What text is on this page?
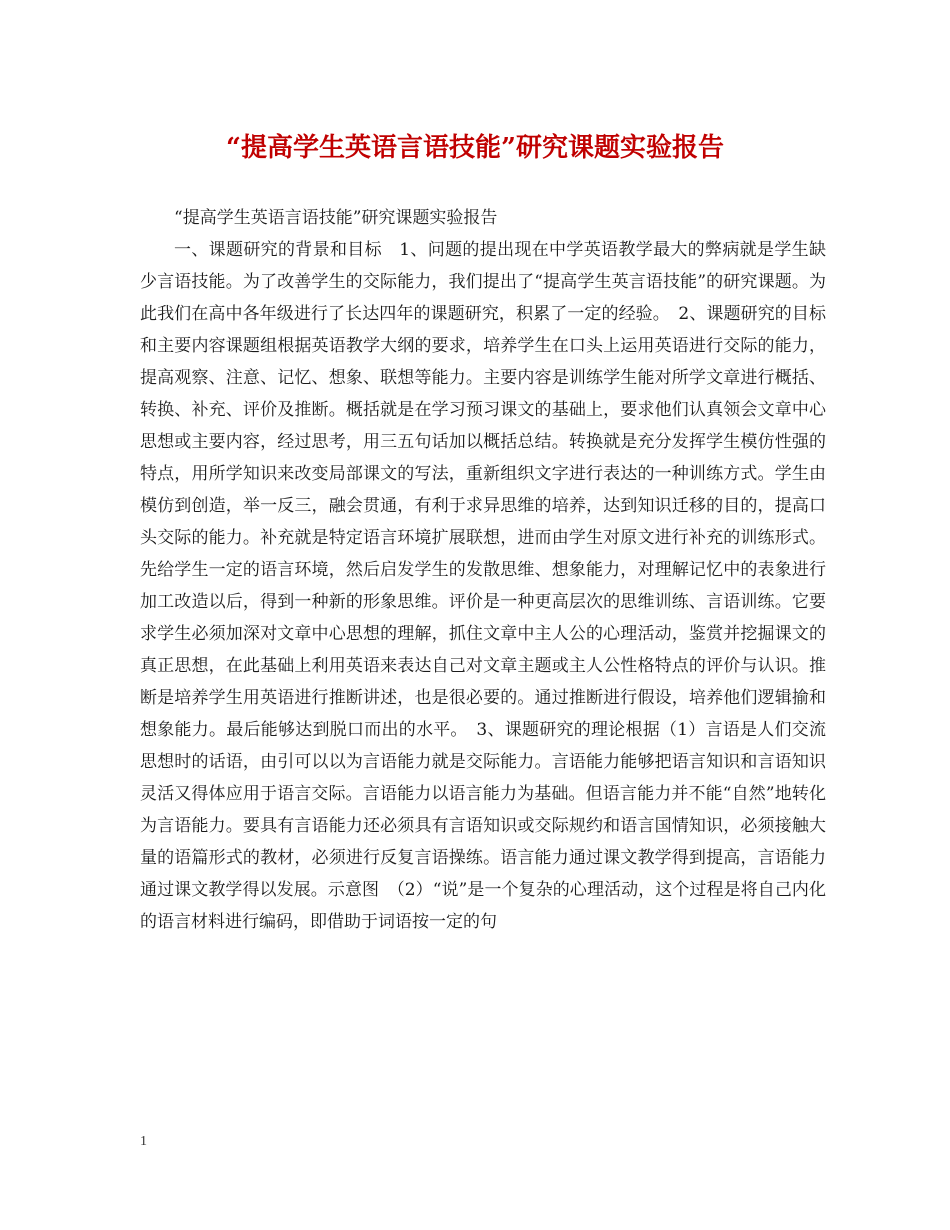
“提高学生英语言语技能”研究课题实验报告

“提高学生英语言语技能”研究课题实验报告

一、课题研究的背景和目标　1、问题的提出现在中学英语教学最大的弊病就是学生缺少言语技能。为了改善学生的交际能力，我们提出了“提高学生英言语技能”的研究课题。为此我们在高中各年级进行了长达四年的课题研究，积累了一定的经验。　2、课题研究的目标和主要内容课题组根据英语教学大纲的要求，培养学生在口头上运用英语进行交际的能力，提高观察、注意、记忆、想象、联想等能力。主要内容是训练学生能对所学文章进行概括、转换、补充、评价及推断。概括就是在学习预习课文的基础上，要求他们认真领会文章中心思想或主要内容，经过思考，用三五句话加以概括总结。转换就是充分发挥学生模仿性强的特点，用所学知识来改变局部课文的写法，重新组织文字进行表达的一种训练方式。学生由模仿到创造，举一反三，融会贯通，有利于求异思维的培养，达到知识迁移的目的，提高口头交际的能力。补充就是特定语言环境扩展联想，进而由学生对原文进行补充的训练形式。先给学生一定的语言环境，然后启发学生的发散思维、想象能力，对理解记忆中的表象进行加工改造以后，得到一种新的形象思维。评价是一种更高层次的思维训练、言语训练。它要求学生必须加深对文章中心思想的理解，抓住文章中主人公的心理活动，鉴赏并挖掘课文的真正思想，在此基础上利用英语来表达自己对文章主题或主人公性格特点的评价与认识。推断是培养学生用英语进行推断讲述，也是很必要的。通过推断进行假设，培养他们逻辑揄和想象能力。最后能够达到脱口而出的水平。　3、课题研究的理论根据（1）言语是人们交流思想时的话语，由引可以以为言语能力就是交际能力。言语能力能够把语言知识和言语知识灵活又得体应用于语言交际。言语能力以语言能力为基础。但语言能力并不能“自然”地转化为言语能力。要具有言语能力还必须具有言语知识或交际规约和语言国情知识，必须接触大量的语篇形式的教材，必须进行反复言语操练。语言能力通过课文教学得到提高，言语能力通过课文教学得以发展。示意图　（2）“说”是一个复杂的心理活动，这个过程是将自己内化的语言材料进行编码，即借助于词语按一定的句

1
